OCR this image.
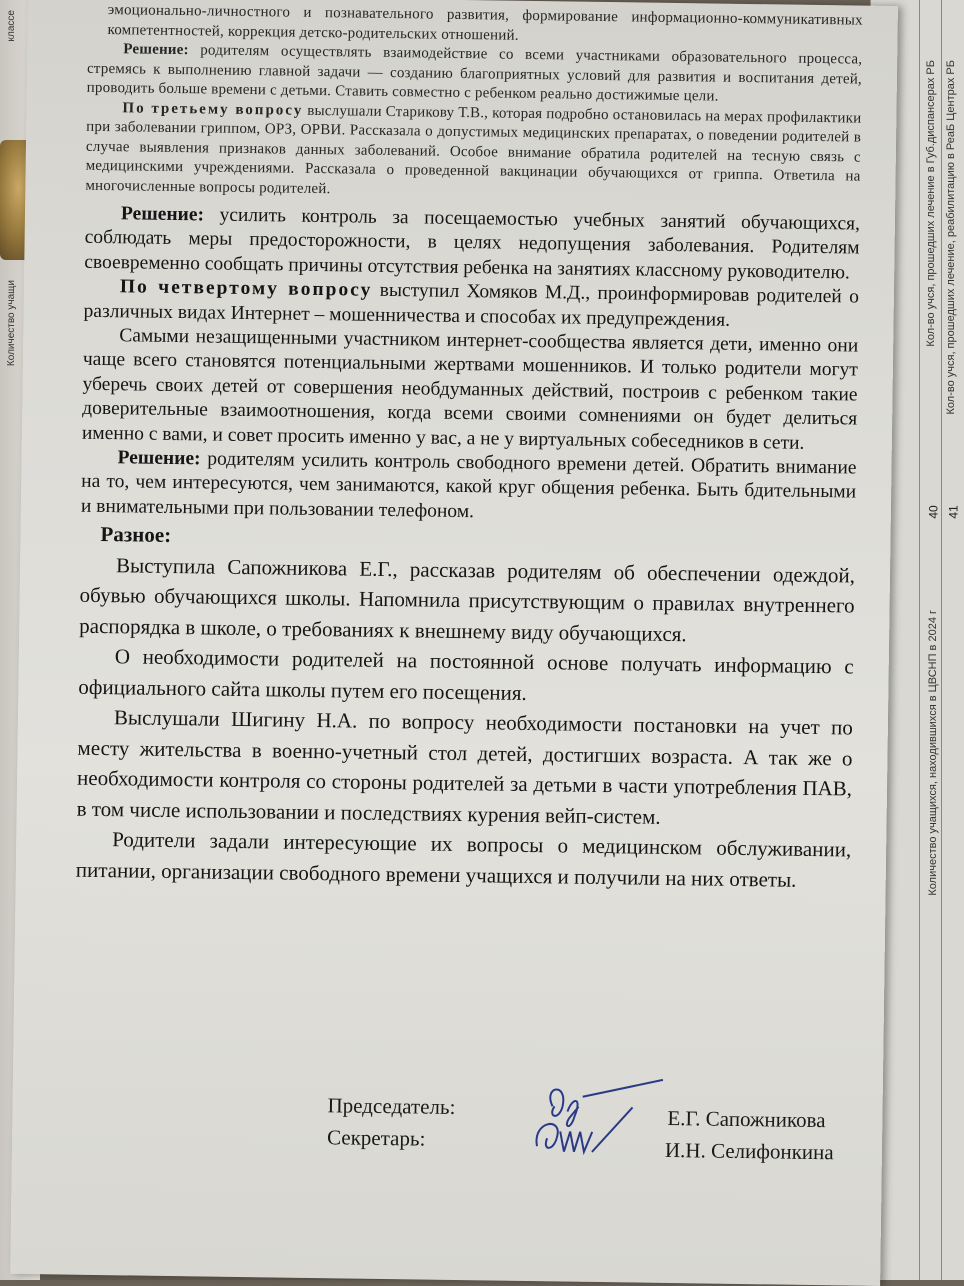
классе
Количество учащи	Кол-во учся, прошедших лечение в Губ.диспансерах РБ Кол-во учся, прошедших лечение, реабилитацию в РеаБ Центрах РБ
Количество учащихся, находившихся в ЦВСНП в 2024 г
40 41

эмоционально-личностного и познавательного развития, формирование информационно-коммуникативных компетентностей, коррекция детско-родительских отношений.

Решение: родителям осуществлять взаимодействие со всеми участниками образовательного процесса, стремясь к выполнению главной задачи — созданию благоприятных условий для развития и воспитания детей, проводить больше времени с детьми. Ставить совместно с ребенком реально достижимые цели.

По третьему вопросу выслушали Старикову Т.В., которая подробно остановилась на мерах профилактики при заболевании гриппом, ОРЗ, ОРВИ. Рассказала о допустимых медицинских препаратах, о поведении родителей в случае выявления признаков данных заболеваний. Особое внимание обратила родителей на тесную связь с медицинскими учреждениями. Рассказала о проведенной вакцинации обучающихся от гриппа. Ответила на многочисленные вопросы родителей.

Решение: усилить контроль за посещаемостью учебных занятий обучающихся, соблюдать меры предосторожности, в целях недопущения заболевания. Родителям своевременно сообщать причины отсутствия ребенка на занятиях классному руководителю.

По четвертому вопросу выступил Хомяков М.Д., проинформировав родителей о различных видах Интернет – мошенничества и способах их предупреждения.

Самыми незащищенными участником интернет-сообщества является дети, именно они чаще всего становятся потенциальными жертвами мошенников. И только родители могут уберечь своих детей от совершения необдуманных действий, построив с ребенком такие доверительные взаимоотношения, когда всеми своими сомнениями он будет делиться именно с вами, и совет просить именно у вас, а не у виртуальных собеседников в сети.

Решение: родителям усилить контроль свободного времени детей. Обратить внимание на то, чем интересуются, чем занимаются, какой круг общения ребенка. Быть бдительными и внимательными при пользовании телефоном.

Разное:

Выступила Сапожникова Е.Г., рассказав родителям об обеспечении одеждой, обувью обучающихся школы. Напомнила присутствующим о правилах внутреннего распорядка в школе, о требованиях к внешнему виду обучающихся.

О необходимости родителей на постоянной основе получать информацию с официального сайта школы путем его посещения.

Выслушали Шигину Н.А. по вопросу необходимости постановки на учет по месту жительства в военно-учетный стол детей, достигших возраста. А так же о необходимости контроля со стороны родителей за детьми в части употребления ПАВ, в том числе использовании и последствиях курения вейп-систем.

Родители задали интересующие их вопросы о медицинском обслуживании, питании, организации свободного времени учащихся и получили на них ответы.

Председатель:
Секретарь:
Е.Г. Сапожникова
И.Н. Селифонкина
